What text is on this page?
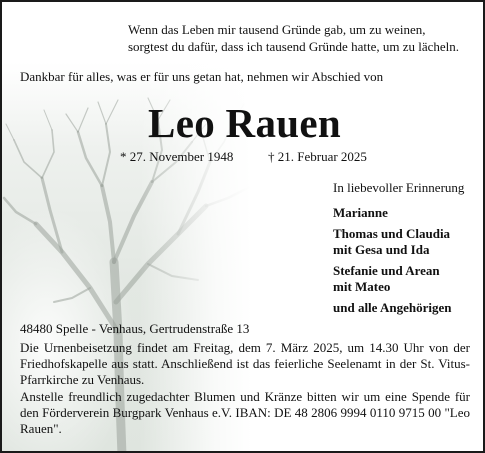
Wenn das Leben mir tausend Gründe gab, um zu weinen,
sorgtest du dafür, dass ich tausend Gründe hatte, um zu lächeln.
Dankbar für alles, was er für uns getan hat, nehmen wir Abschied von
Leo Rauen
* 27. November 1948	† 21. Februar 2025
In liebevoller Erinnerung
Marianne
Thomas und Claudia
mit Gesa und Ida
Stefanie und Arean
mit Mateo
und alle Angehörigen
48480 Spelle - Venhaus, Gertrudenstraße 13

Die Urnenbeisetzung findet am Freitag, dem 7. März 2025, um 14.30 Uhr von der Friedhofskapelle aus statt. Anschließend ist das feierliche Seelenamt in der St. Vitus-Pfarrkirche zu Venhaus.

Anstelle freundlich zugedachter Blumen und Kränze bitten wir um eine Spende für den Förderverein Burgpark Venhaus e.V. IBAN: DE 48 2806 9994 0110 9715 00 "Leo Rauen".
